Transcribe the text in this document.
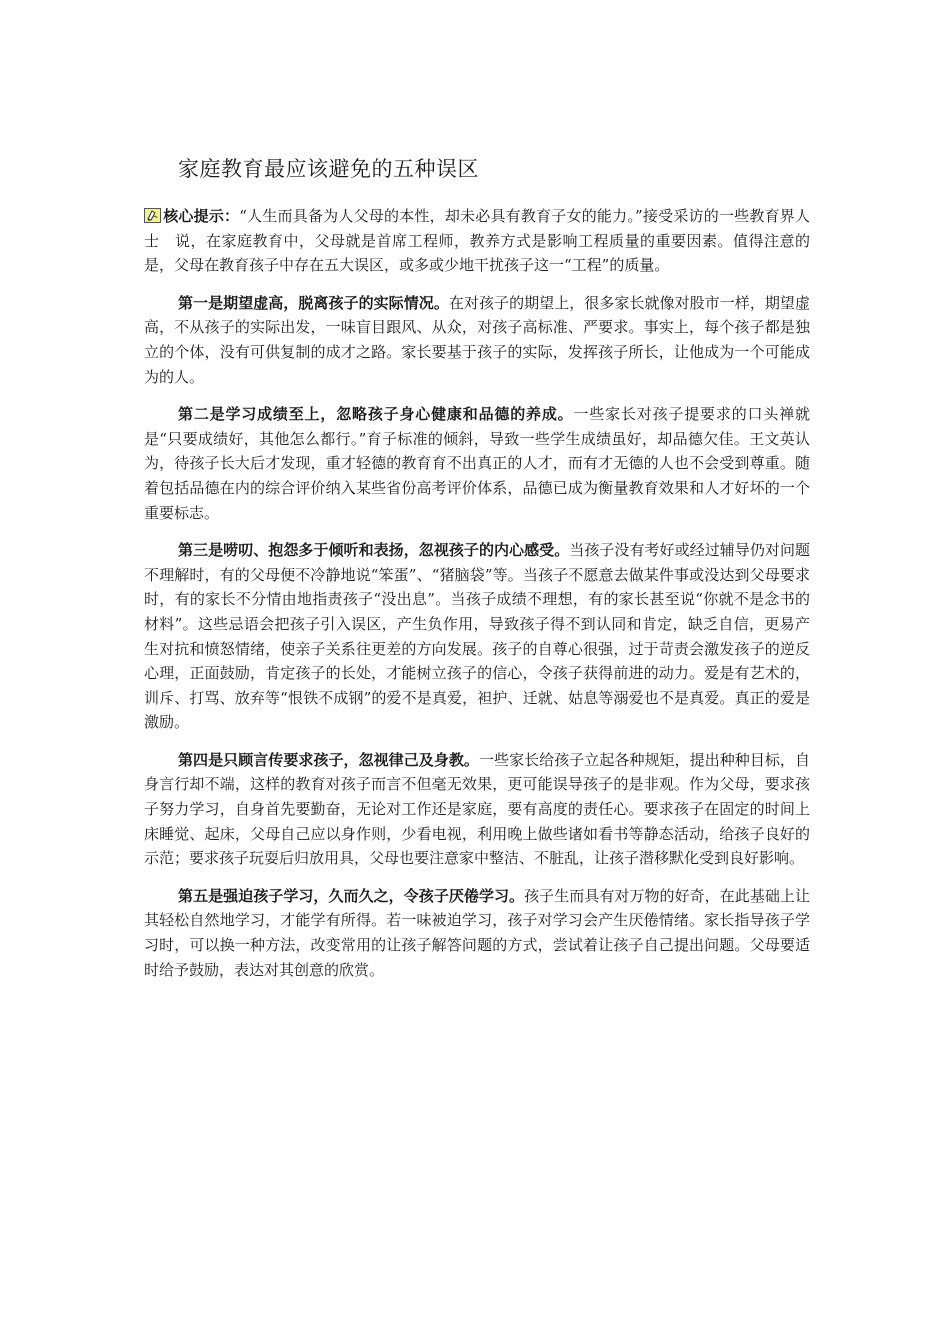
家庭教育最应该避免的五种误区

核心提示：“人生而具备为人父母的本性，却未必具有教育子女的能力。”接受采访的一些教育界人士　说，在家庭教育中，父母就是首席工程师，教养方式是影响工程质量的重要因素。值得注意的是，父母在教育孩子中存在五大误区，或多或少地干扰孩子这一“工程”的质量。

第一是期望虚高，脱离孩子的实际情况。在对孩子的期望上，很多家长就像对股市一样，期望虚高，不从孩子的实际出发，一味盲目跟风、从众，对孩子高标准、严要求。事实上，每个孩子都是独立的个体，没有可供复制的成才之路。家长要基于孩子的实际，发挥孩子所长，让他成为一个可能成为的人。

第二是学习成绩至上，忽略孩子身心健康和品德的养成。一些家长对孩子提要求的口头禅就是“只要成绩好，其他怎么都行。”育子标准的倾斜，导致一些学生成绩虽好，却品德欠佳。王文英认为，待孩子长大后才发现，重才轻德的教育育不出真正的人才，而有才无德的人也不会受到尊重。随着包括品德在内的综合评价纳入某些省份高考评价体系，品德已成为衡量教育效果和人才好坏的一个重要标志。

第三是唠叨、抱怨多于倾听和表扬，忽视孩子的内心感受。当孩子没有考好或经过辅导仍对问题不理解时，有的父母便不冷静地说“笨蛋”、“猪脑袋”等。当孩子不愿意去做某件事或没达到父母要求时，有的家长不分情由地指责孩子“没出息”。当孩子成绩不理想，有的家长甚至说“你就不是念书的材料”。这些忌语会把孩子引入误区，产生负作用，导致孩子得不到认同和肯定，缺乏自信，更易产生对抗和愤怒情绪，使亲子关系往更差的方向发展。孩子的自尊心很强，过于苛责会激发孩子的逆反心理，正面鼓励，肯定孩子的长处，才能树立孩子的信心，令孩子获得前进的动力。爱是有艺术的，训斥、打骂、放弃等“恨铁不成钢”的爱不是真爱，袒护、迁就、姑息等溺爱也不是真爱。真正的爱是激励。

第四是只顾言传要求孩子，忽视律己及身教。一些家长给孩子立起各种规矩，提出种种目标，自身言行却不端，这样的教育对孩子而言不但毫无效果，更可能误导孩子的是非观。作为父母，要求孩子努力学习，自身首先要勤奋，无论对工作还是家庭，要有高度的责任心。要求孩子在固定的时间上床睡觉、起床，父母自己应以身作则，少看电视，利用晚上做些诸如看书等静态活动，给孩子良好的示范；要求孩子玩耍后归放用具，父母也要注意家中整洁、不脏乱，让孩子潜移默化受到良好影响。

第五是强迫孩子学习，久而久之，令孩子厌倦学习。孩子生而具有对万物的好奇，在此基础上让其轻松自然地学习，才能学有所得。若一味被迫学习，孩子对学习会产生厌倦情绪。家长指导孩子学习时，可以换一种方法，改变常用的让孩子解答问题的方式，尝试着让孩子自己提出问题。父母要适时给予鼓励，表达对其创意的欣赏。
